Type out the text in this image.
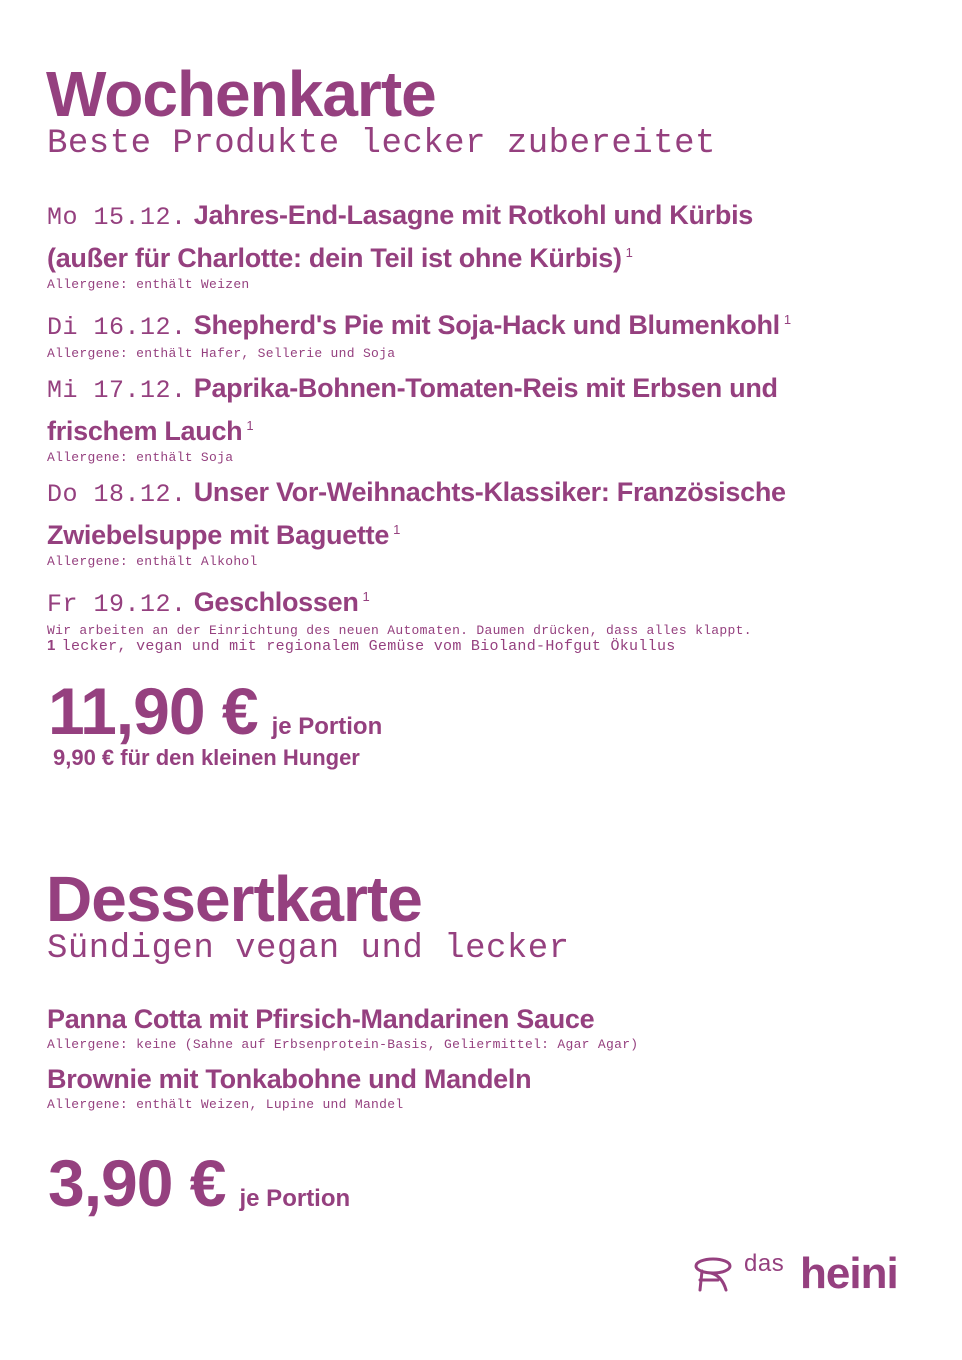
Wochenkarte
Beste Produkte lecker zubereitet
Mo 15.12. Jahres-End-Lasagne mit Rotkohl und Kürbis
(außer für Charlotte: dein Teil ist ohne Kürbis) $^1$
Allergene: enthält Weizen
Di 16.12. Shepherd's Pie mit Soja-Hack und Blumenkohl $^1$
Allergene: enthält Hafer, Sellerie und Soja
Mi 17.12. Paprika-Bohnen-Tomaten-Reis mit Erbsen und
frischem Lauch $^1$
Allergene: enthält Soja
Do 18.12. Unser Vor-Weihnachts-Klassiker: Französische
Zwiebelsuppe mit Baguette $^1$
Allergene: enthält Alkohol
Fr 19.12. Geschlossen $^1$
Wir arbeiten an der Einrichtung des neuen Automaten. Daumen drücken, dass alles klappt.
1 lecker, vegan und mit regionalem Gemüse vom Bioland-Hofgut Ökullus
11,90 € je Portion
9,90 € für den kleinen Hunger
Dessertkarte
Sündigen vegan und lecker
Panna Cotta mit Pfirsich-Mandarinen Sauce
Allergene: keine (Sahne auf Erbsenprotein-Basis, Geliermittel: Agar Agar)
Brownie mit Tonkabohne und Mandeln
Allergene: enthält Weizen, Lupine und Mandel
3,90 € je Portion
das heini
